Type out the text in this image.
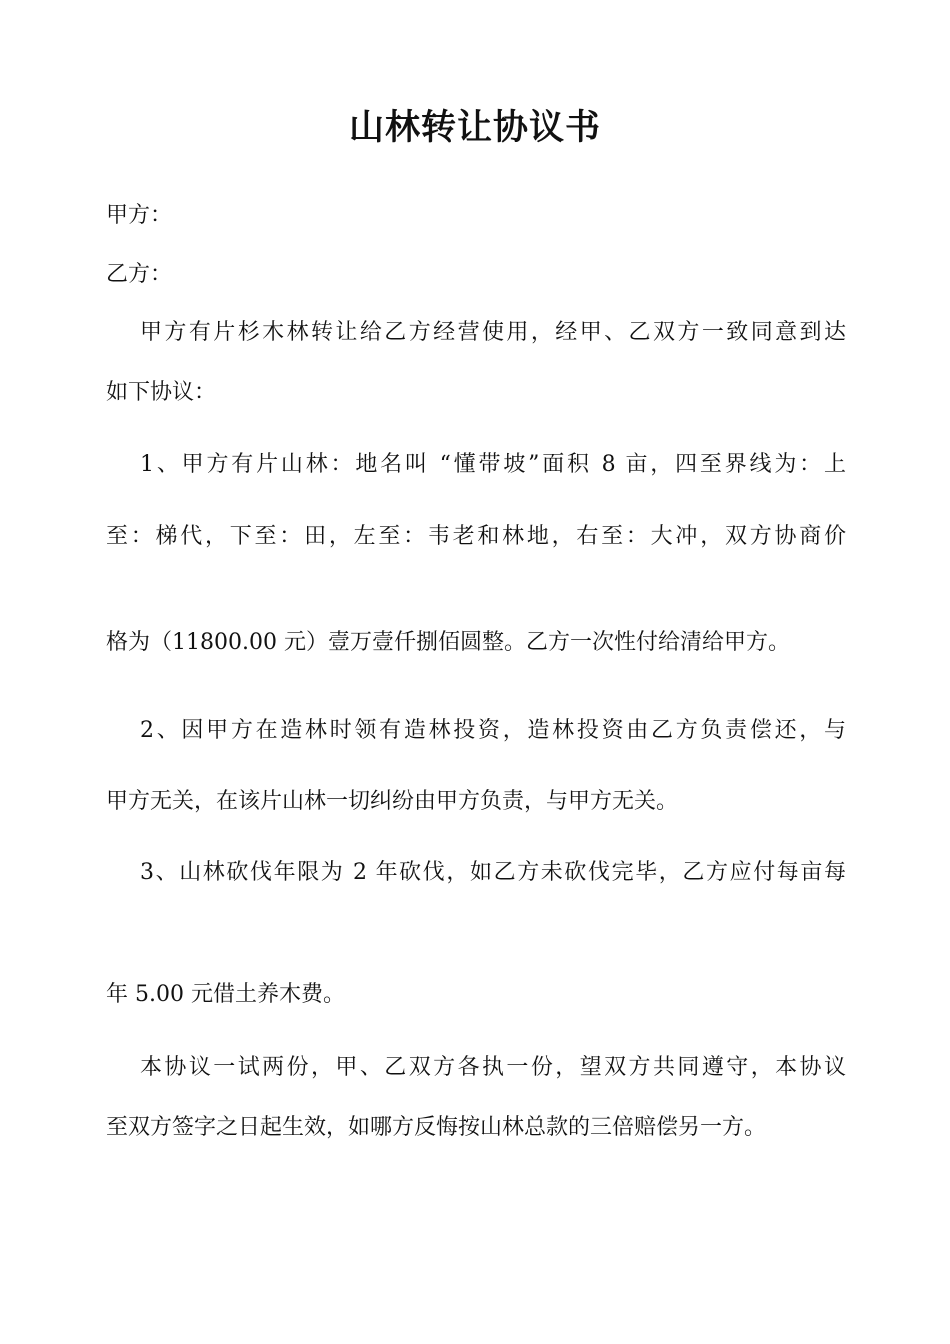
山林转让协议书

甲方：

乙方：

甲方有片杉木林转让给乙方经营使用，经甲、乙双方一致同意到达

如下协议：

1、甲方有片山林：地名叫 “懂带坡”面积 8 亩，四至界线为：上

至：梯代，下至：田，左至：韦老和林地，右至：大冲，双方协商价

格为（11800.00 元）壹万壹仟捌佰圆整。乙方一次性付给清给甲方。

2、因甲方在造林时领有造林投资，造林投资由乙方负责偿还，与

甲方无关，在该片山林一切纠纷由甲方负责，与甲方无关。

3、山林砍伐年限为 2 年砍伐，如乙方未砍伐完毕，乙方应付每亩每

年 5.00 元借土养木费。

本协议一试两份，甲、乙双方各执一份，望双方共同遵守，本协议

至双方签字之日起生效，如哪方反悔按山林总款的三倍赔偿另一方。
